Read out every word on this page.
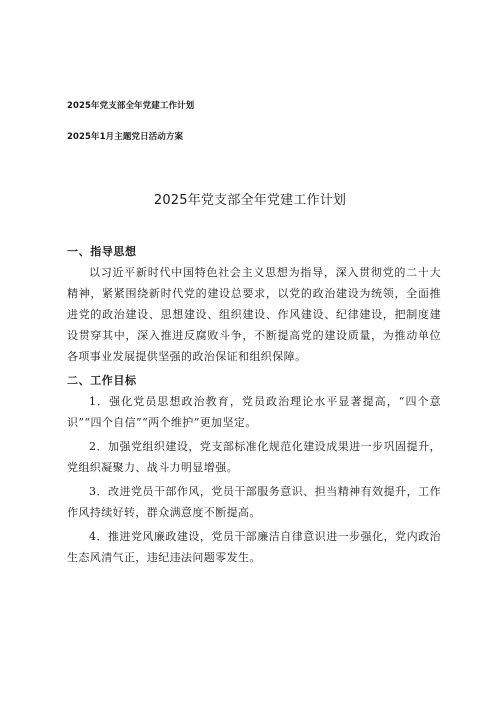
2025年党支部全年党建工作计划
2025年1月主题党日活动方案
2025年党支部全年党建工作计划
一、指导思想

以习近平新时代中国特色社会主义思想为指导，深入贯彻党的二十大精神，紧紧围绕新时代党的建设总要求，以党的政治建设为统领，全面推进党的政治建设、思想建设、组织建设、作风建设、纪律建设，把制度建设贯穿其中，深入推进反腐败斗争，不断提高党的建设质量，为推动单位各项事业发展提供坚强的政治保证和组织保障。

二、工作目标

1．强化党员思想政治教育，党员政治理论水平显著提高，“四个意识”“四个自信”“两个维护”更加坚定。

2．加强党组织建设，党支部标准化规范化建设成果进一步巩固提升，党组织凝聚力、战斗力明显增强。

3．改进党员干部作风，党员干部服务意识、担当精神有效提升，工作作风持续好转，群众满意度不断提高。

4．推进党风廉政建设，党员干部廉洁自律意识进一步强化，党内政治生态风清气正，违纪违法问题零发生。
